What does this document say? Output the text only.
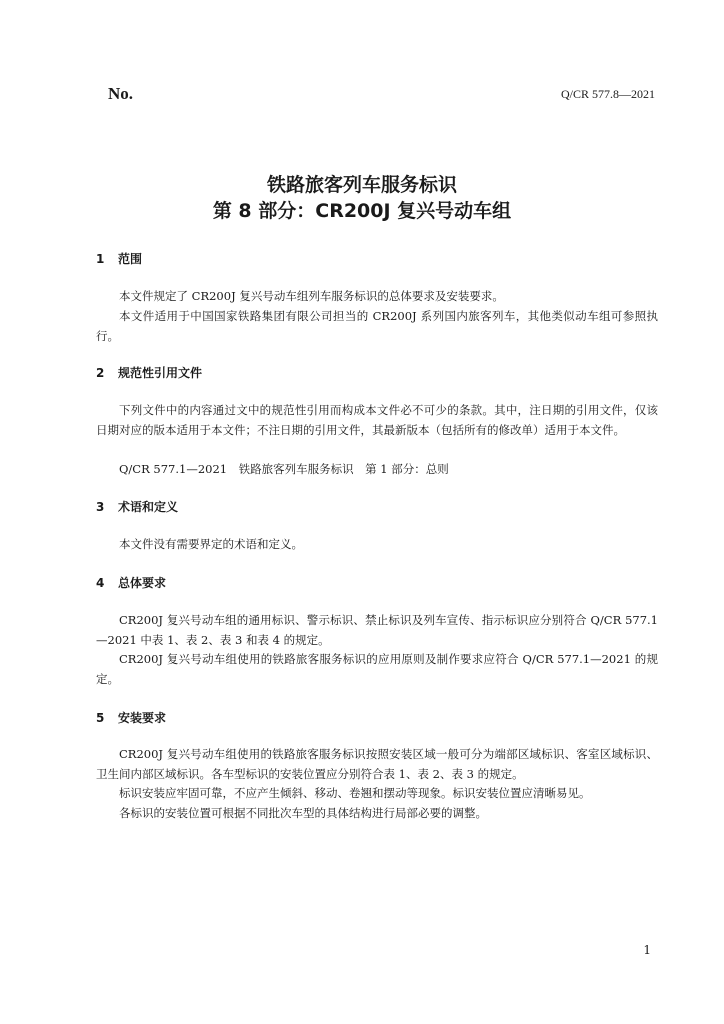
No.	Q/CR 577.8—2021
铁路旅客列车服务标识
第 8 部分：CR200J 复兴号动车组
1 范围
本文件规定了 CR200J 复兴号动车组列车服务标识的总体要求及安装要求。
本文件适用于中国国家铁路集团有限公司担当的 CR200J 系列国内旅客列车，其他类似动车组可参照执行。
2 规范性引用文件
下列文件中的内容通过文中的规范性引用而构成本文件必不可少的条款。其中，注日期的引用文件，仅该日期对应的版本适用于本文件；不注日期的引用文件，其最新版本（包括所有的修改单）适用于本文件。
Q/CR 577.1—2021　铁路旅客列车服务标识　第 1 部分：总则
3 术语和定义
本文件没有需要界定的术语和定义。
4 总体要求
CR200J 复兴号动车组的通用标识、警示标识、禁止标识及列车宣传、指示标识应分别符合 Q/CR 577.1—2021 中表 1、表 2、表 3 和表 4 的规定。
CR200J 复兴号动车组使用的铁路旅客服务标识的应用原则及制作要求应符合 Q/CR 577.1—2021 的规定。
5 安装要求
CR200J 复兴号动车组使用的铁路旅客服务标识按照安装区域一般可分为端部区域标识、客室区域标识、卫生间内部区域标识。各车型标识的安装位置应分别符合表 1、表 2、表 3 的规定。
标识安装应牢固可靠，不应产生倾斜、移动、卷翘和摆动等现象。标识安装位置应清晰易见。
各标识的安装位置可根据不同批次车型的具体结构进行局部必要的调整。
1
